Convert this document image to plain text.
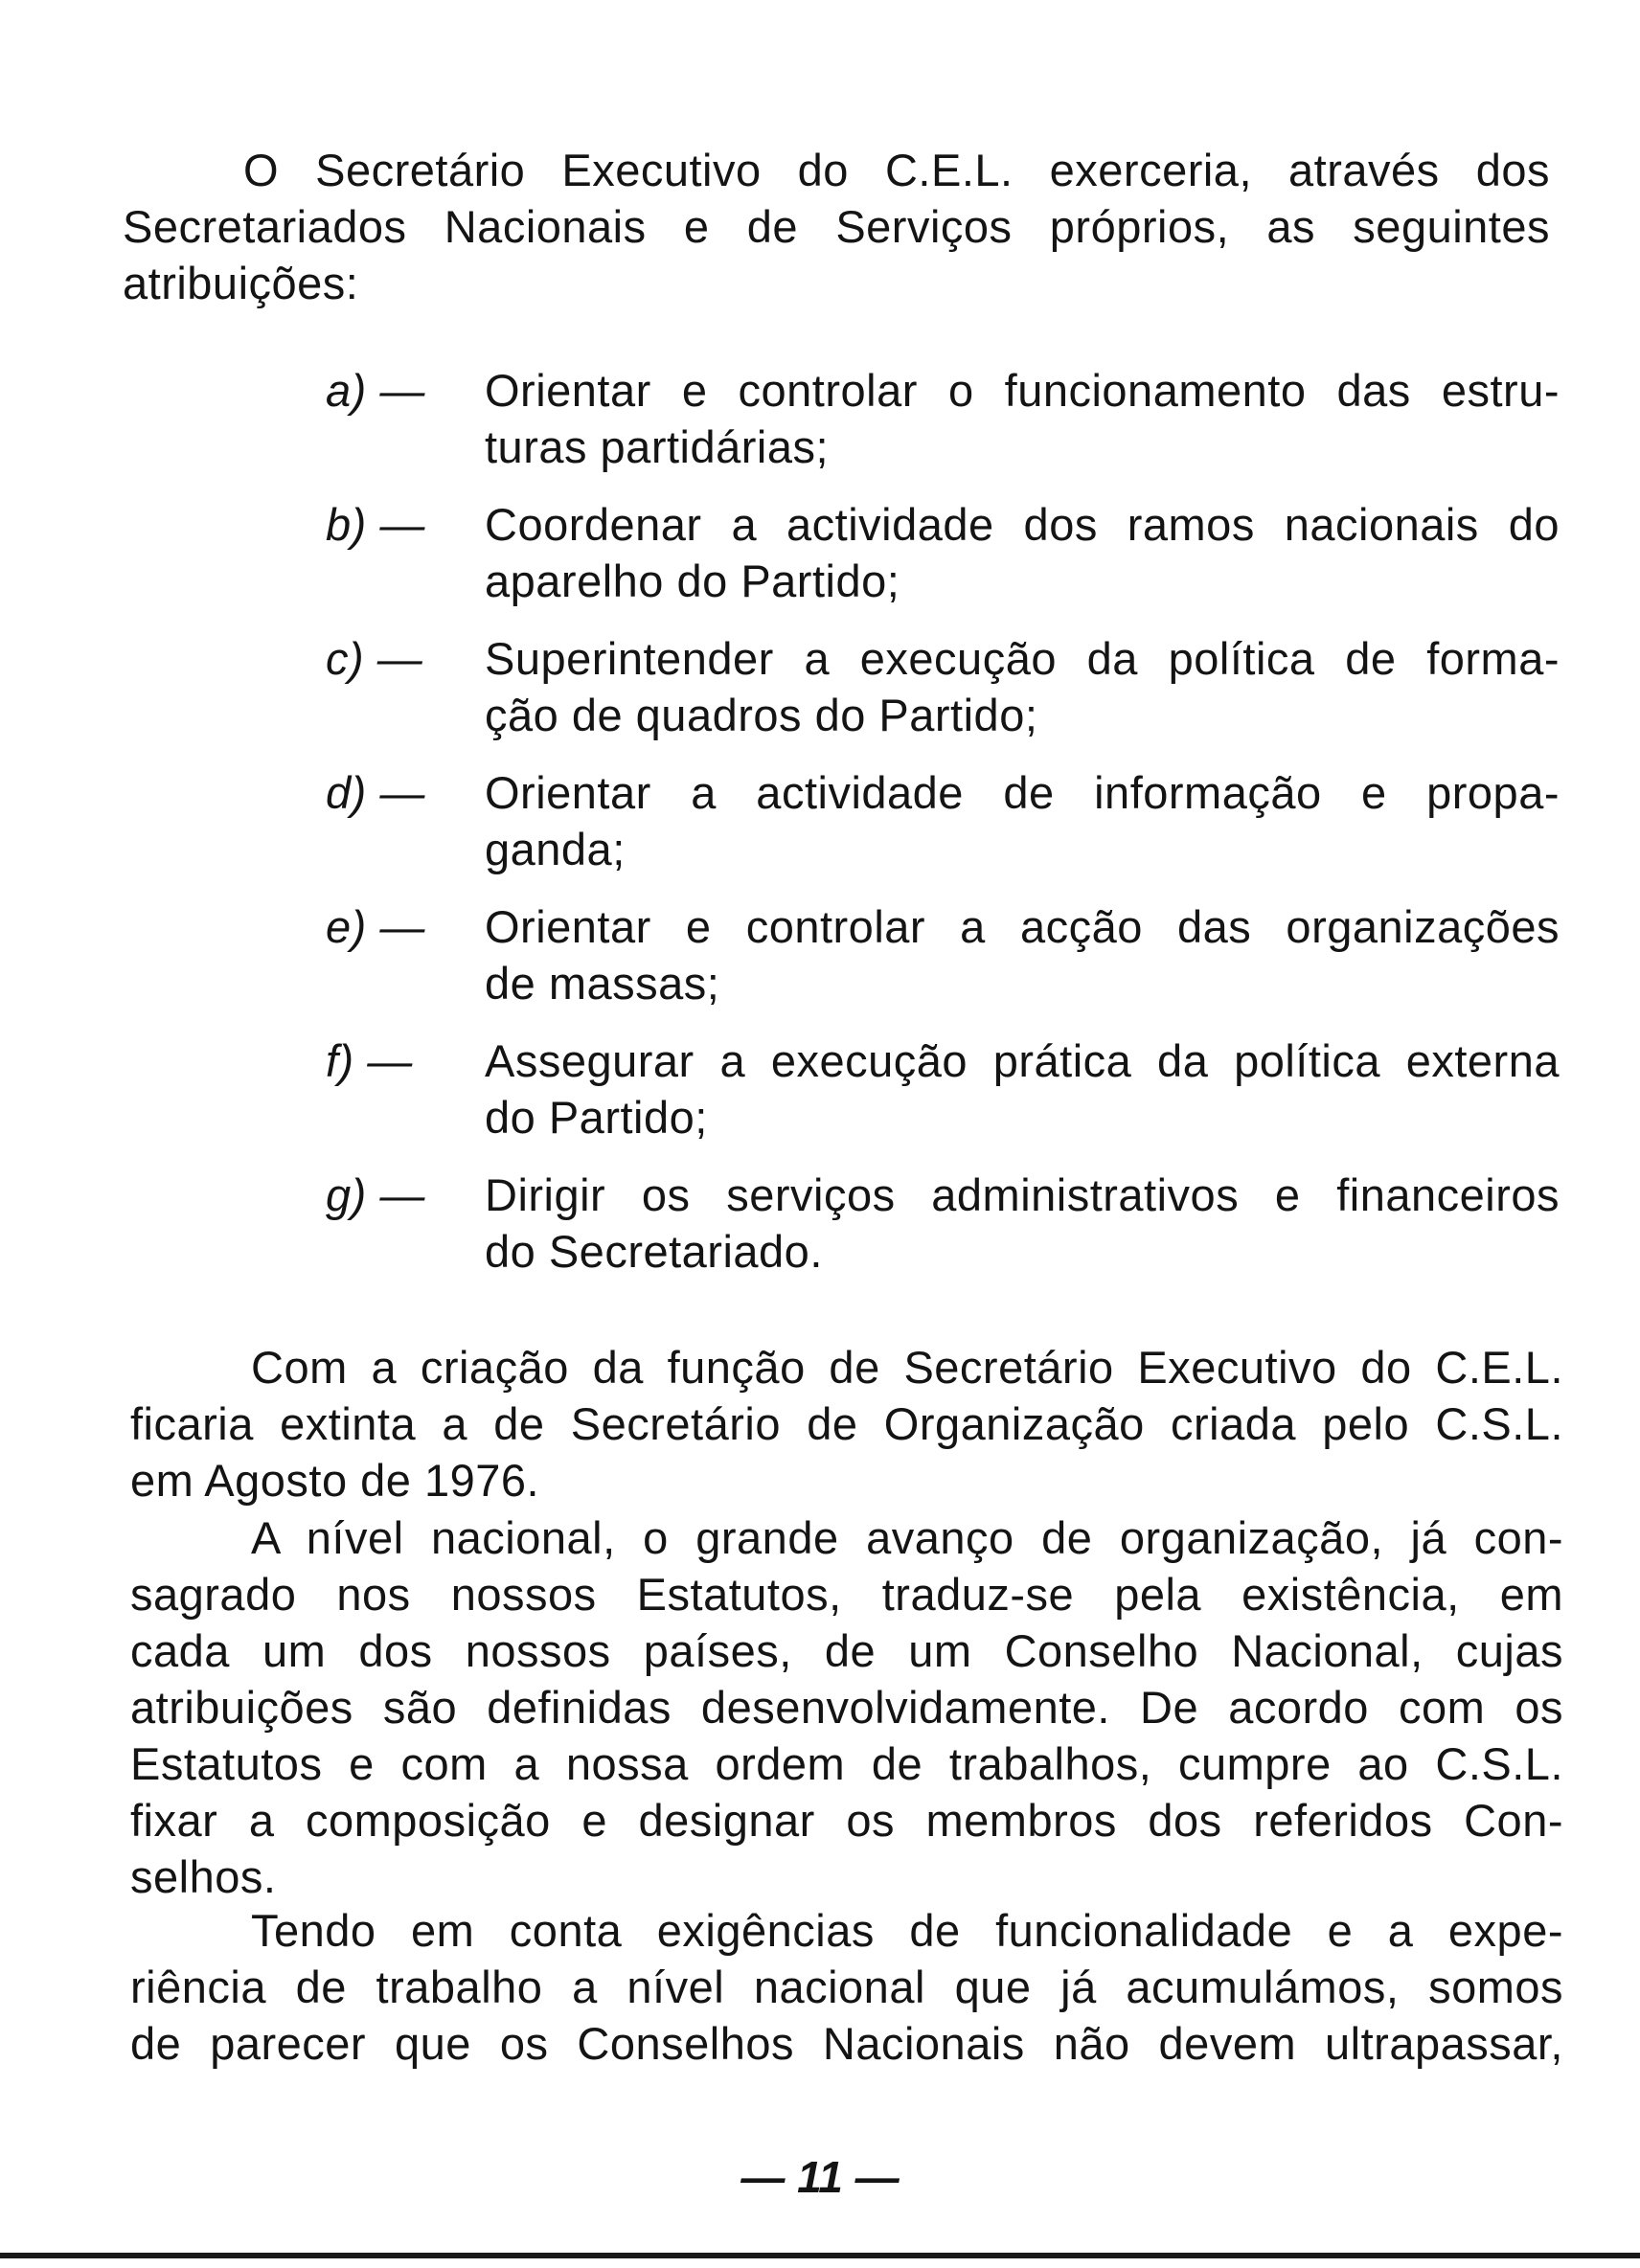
O Secretário Executivo do C.E.L. exerceria, através dos
Secretariados Nacionais e de Serviços próprios, as seguintes
atribuições:
a) —	Orientar e controlar o funcionamento das estru-
turas partidárias;
b) —	Coordenar a actividade dos ramos nacionais do
aparelho do Partido;
c) —	Superintender a execução da política de forma-
ção de quadros do Partido;
d) —	Orientar a actividade de informação e propa-
ganda;
e) —	Orientar e controlar a acção das organizações
de massas;
f) —	Assegurar a execução prática da política externa
do Partido;
g) —	Dirigir os serviços administrativos e financeiros
do Secretariado.
Com a criação da função de Secretário Executivo do C.E.L.
ficaria extinta a de Secretário de Organização criada pelo C.S.L.
em Agosto de 1976.
A nível nacional, o grande avanço de organização, já con-
sagrado nos nossos Estatutos, traduz-se pela existência, em
cada um dos nossos países, de um Conselho Nacional, cujas
atribuições são definidas desenvolvidamente. De acordo com os
Estatutos e com a nossa ordem de trabalhos, cumpre ao C.S.L.
fixar a composição e designar os membros dos referidos Con-
selhos.
Tendo em conta exigências de funcionalidade e a expe-
riência de trabalho a nível nacional que já acumulámos, somos
de parecer que os Conselhos Nacionais não devem ultrapassar,
— 11 —
